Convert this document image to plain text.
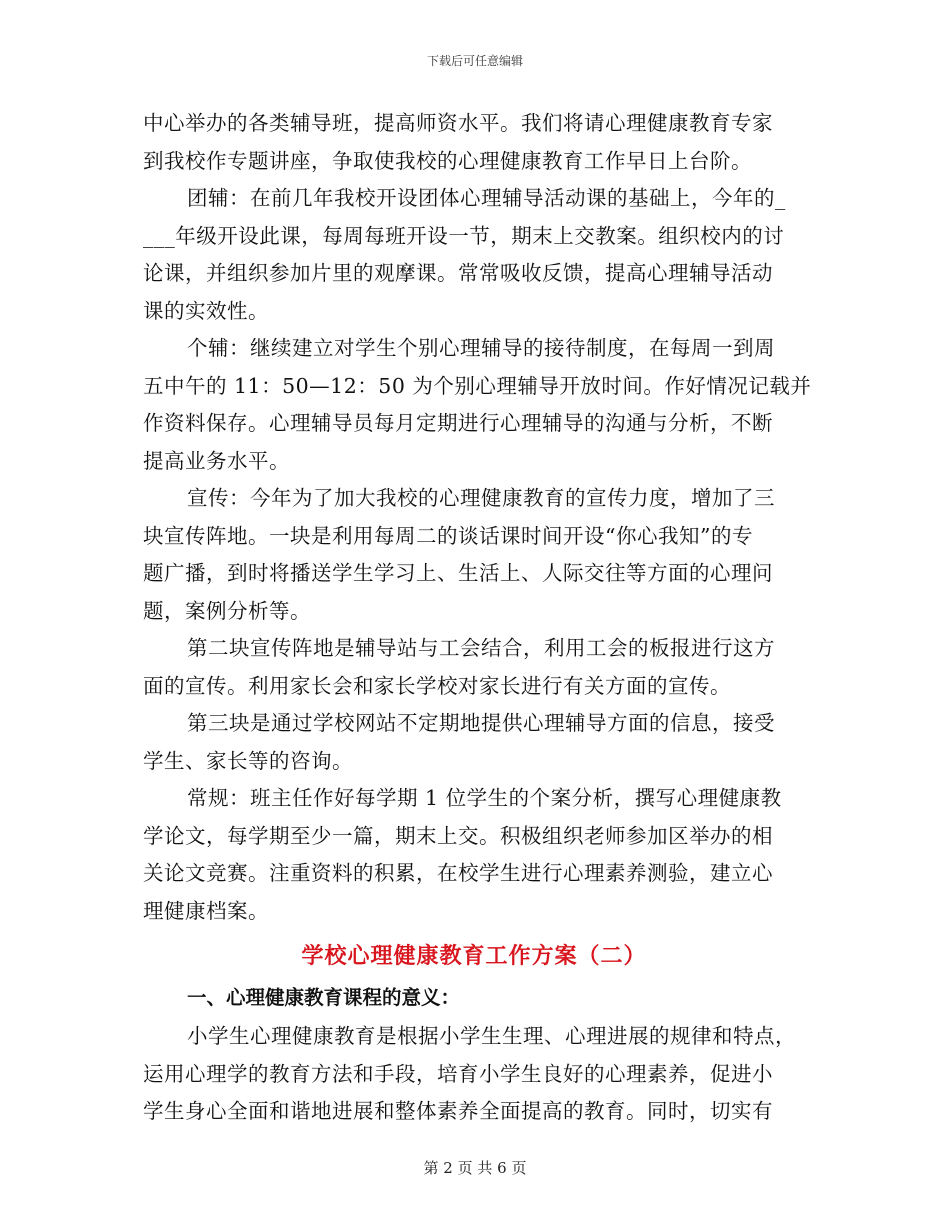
下载后可任意编辑

中心举办的各类辅导班，提高师资水平。我们将请心理健康教育专家
到我校作专题讲座，争取使我校的心理健康教育工作早日上台阶。

团辅：在前几年我校开设团体心理辅导活动课的基础上，今年的_
___年级开设此课，每周每班开设一节，期末上交教案。组织校内的讨
论课，并组织参加片里的观摩课。常常吸收反馈，提高心理辅导活动
课的实效性。

个辅：继续建立对学生个别心理辅导的接待制度，在每周一到周
五中午的 11：50—12：50 为个别心理辅导开放时间。作好情况记载并
作资料保存。心理辅导员每月定期进行心理辅导的沟通与分析，不断
提高业务水平。

宣传：今年为了加大我校的心理健康教育的宣传力度，增加了三
块宣传阵地。一块是利用每周二的谈话课时间开设“你心我知”的专
题广播，到时将播送学生学习上、生活上、人际交往等方面的心理问
题，案例分析等。

第二块宣传阵地是辅导站与工会结合，利用工会的板报进行这方
面的宣传。利用家长会和家长学校对家长进行有关方面的宣传。

第三块是通过学校网站不定期地提供心理辅导方面的信息，接受
学生、家长等的咨询。

常规：班主任作好每学期 1 位学生的个案分析，撰写心理健康教
学论文，每学期至少一篇，期末上交。积极组织老师参加区举办的相
关论文竞赛。注重资料的积累，在校学生进行心理素养测验，建立心
理健康档案。

学校心理健康教育工作方案（二）
一、心理健康教育课程的意义：

小学生心理健康教育是根据小学生生理、心理进展的规律和特点，
运用心理学的教育方法和手段，培育小学生良好的心理素养，促进小
学生身心全面和谐地进展和整体素养全面提高的教育。同时，切实有

第 2 页 共 6 页
